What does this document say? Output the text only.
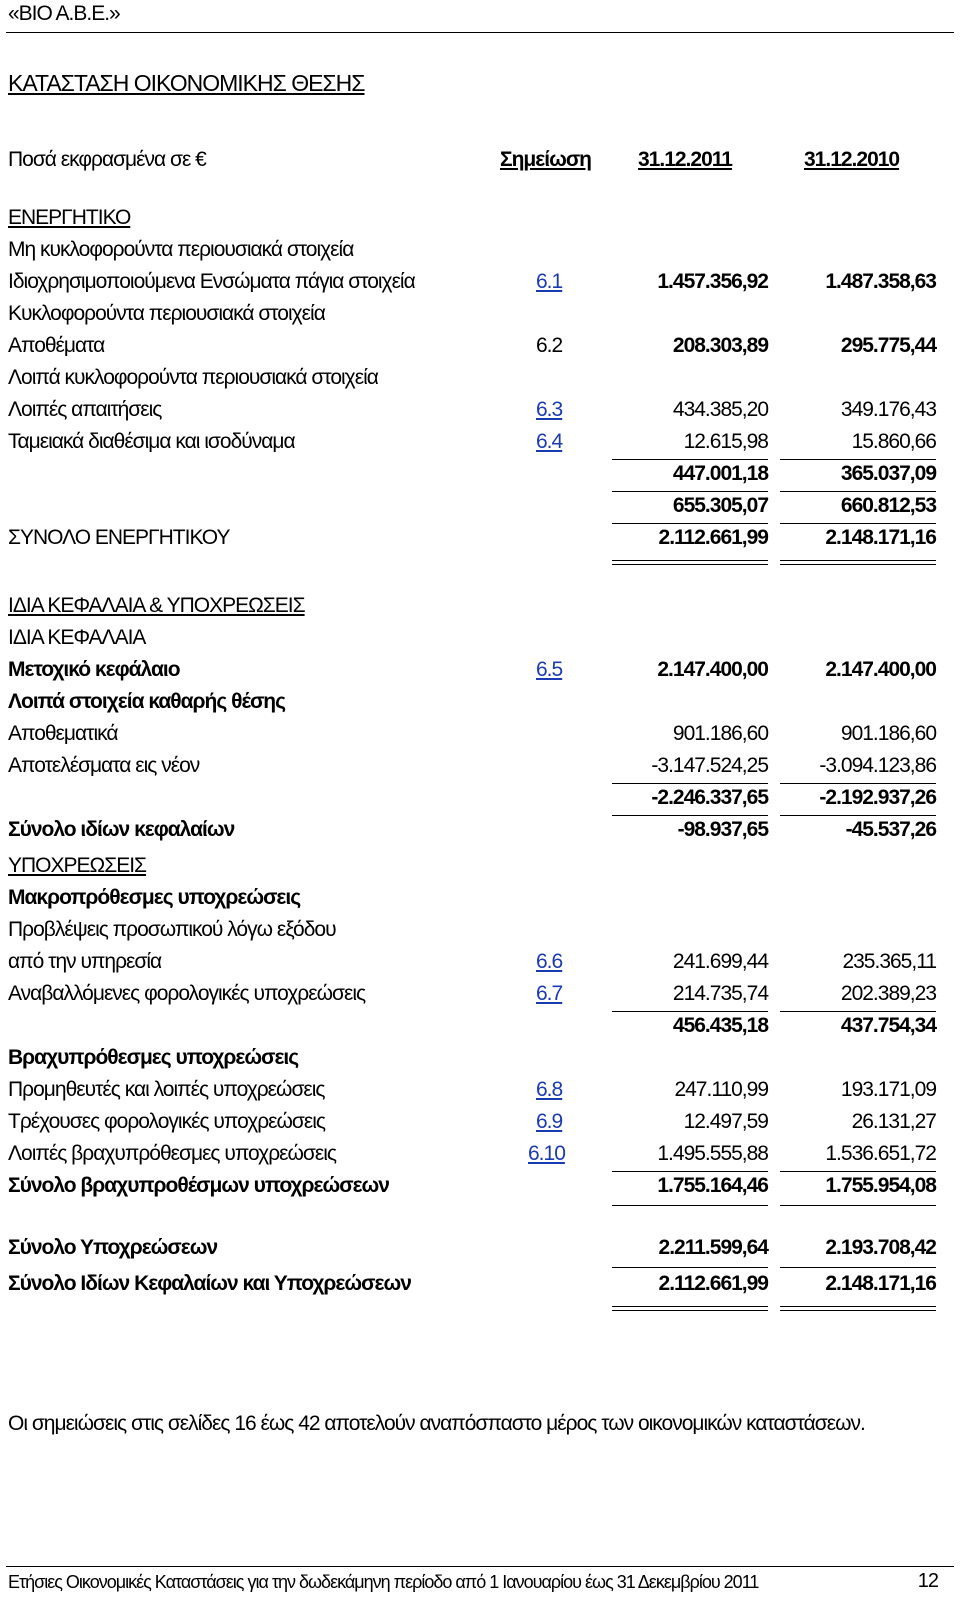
«ΒΙΟ Α.Β.Ε.»
ΚΑΤΑΣΤΑΣΗ ΟΙΚΟΝΟΜΙΚΗΣ ΘΕΣΗΣ
Ποσά εκφρασμένα σε €	Σημείωση 31.12.2011	31.12.2010
ΕΝΕΡΓΗΤΙΚΟ
Μη κυκλοφορούντα περιουσιακά στοιχεία
Ιδιοχρησιμοποιούμενα Ενσώματα πάγια στοιχεία	6.1	1.457.356,92	1.487.358,63
Κυκλοφορούντα περιουσιακά στοιχεία
Αποθέματα	6.2	208.303,89	295.775,44
Λοιπά κυκλοφορούντα περιουσιακά στοιχεία
Λοιπές απαιτήσεις	6.3	434.385,20	349.176,43
Ταμειακά διαθέσιμα και ισοδύναμα	6.4	12.615,98	15.860,66
447.001,18	365.037,09
655.305,07	660.812,53
ΣΥΝΟΛΟ ΕΝΕΡΓΗΤΙΚΟΥ	2.112.661,99	2.148.171,16
ΙΔΙΑ ΚΕΦΑΛΑΙΑ & ΥΠΟΧΡΕΩΣΕΙΣ
ΙΔΙΑ ΚΕΦΑΛΑΙΑ
Μετοχικό κεφάλαιο	6.5	2.147.400,00	2.147.400,00
Λοιπά στοιχεία καθαρής θέσης
Αποθεματικά	901.186,60	901.186,60
Αποτελέσματα εις νέον	-3.147.524,25 -3.094.123,86
-2.246.337,65 -2.192.937,26
Σύνολο ιδίων κεφαλαίων	-98.937,65	-45.537,26
ΥΠΟΧΡΕΩΣΕΙΣ
Μακροπρόθεσμες υποχρεώσεις
Προβλέψεις προσωπικού λόγω εξόδου
από την υπηρεσία	6.6	241.699,44	235.365,11
Αναβαλλόμενες φορολογικές υποχρεώσεις	6.7	214.735,74	202.389,23
456.435,18	437.754,34
Βραχυπρόθεσμες υποχρεώσεις
Προμηθευτές και λοιπές υποχρεώσεις	6.8	247.110,99	193.171,09
Τρέχουσες φορολογικές υποχρεώσεις	6.9	12.497,59	26.131,27
Λοιπές βραχυπρόθεσμες υποχρεώσεις	6.10	1.495.555,88	1.536.651,72
Σύνολο βραχυπροθέσμων υποχρεώσεων	1.755.164,46	1.755.954,08
Σύνολο Υποχρεώσεων	2.211.599,64	2.193.708,42
Σύνολο Ιδίων Κεφαλαίων και Υποχρεώσεων	2.112.661,99	2.148.171,16
Οι σημειώσεις στις σελίδες 16 έως 42 αποτελούν αναπόσπαστο μέρος των οικονομικών καταστάσεων.
Ετήσιες Οικονομικές Καταστάσεις για την δωδεκάμηνη περίοδο από 1 Ιανουαρίου έως 31 Δεκεμβρίου 2011	12
